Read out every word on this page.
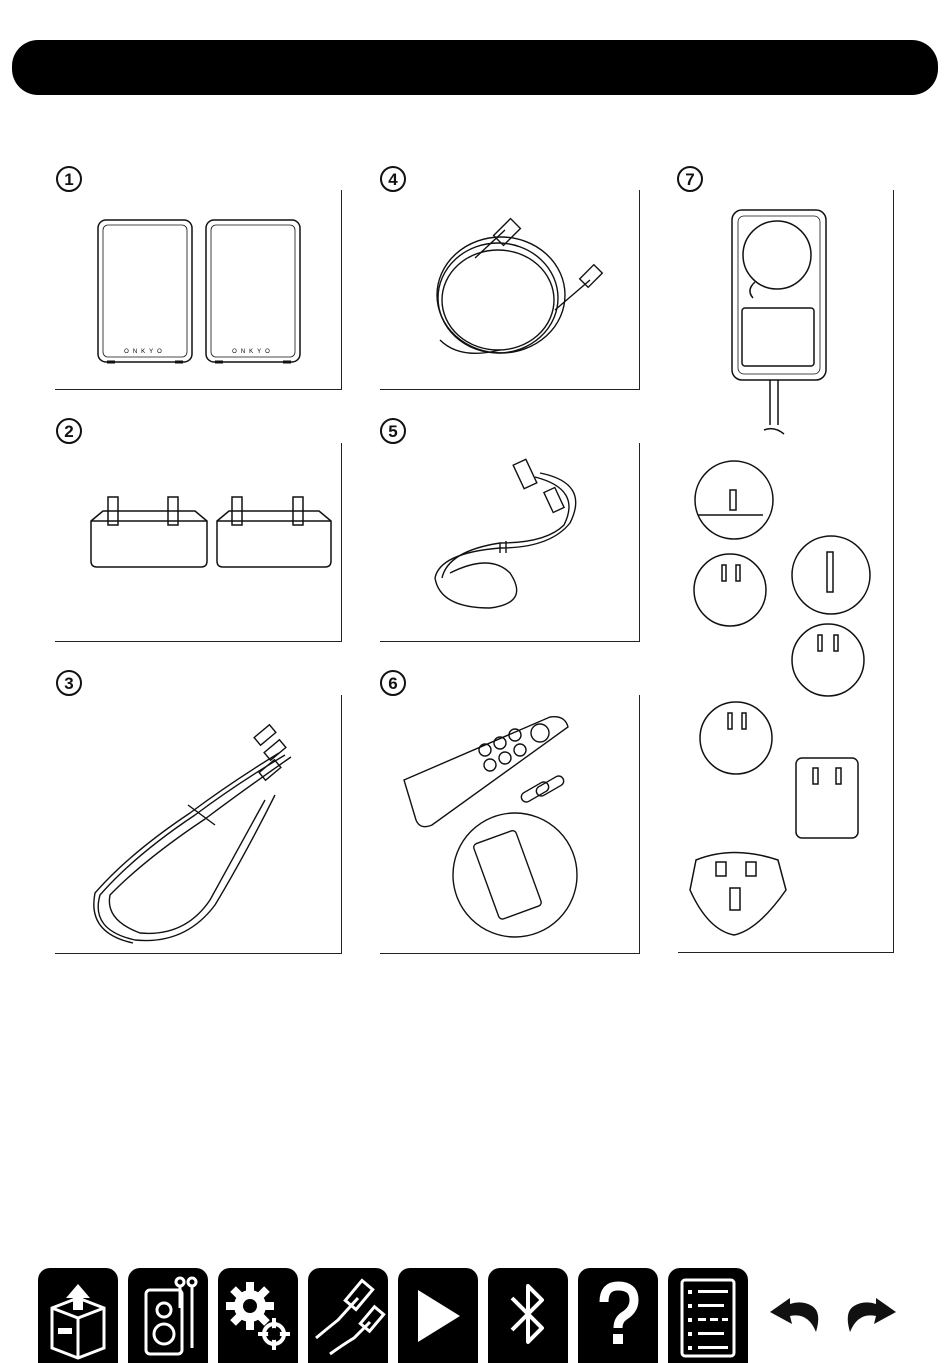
ONKYO	ONKYO
1	4	7
2	5
3	6
